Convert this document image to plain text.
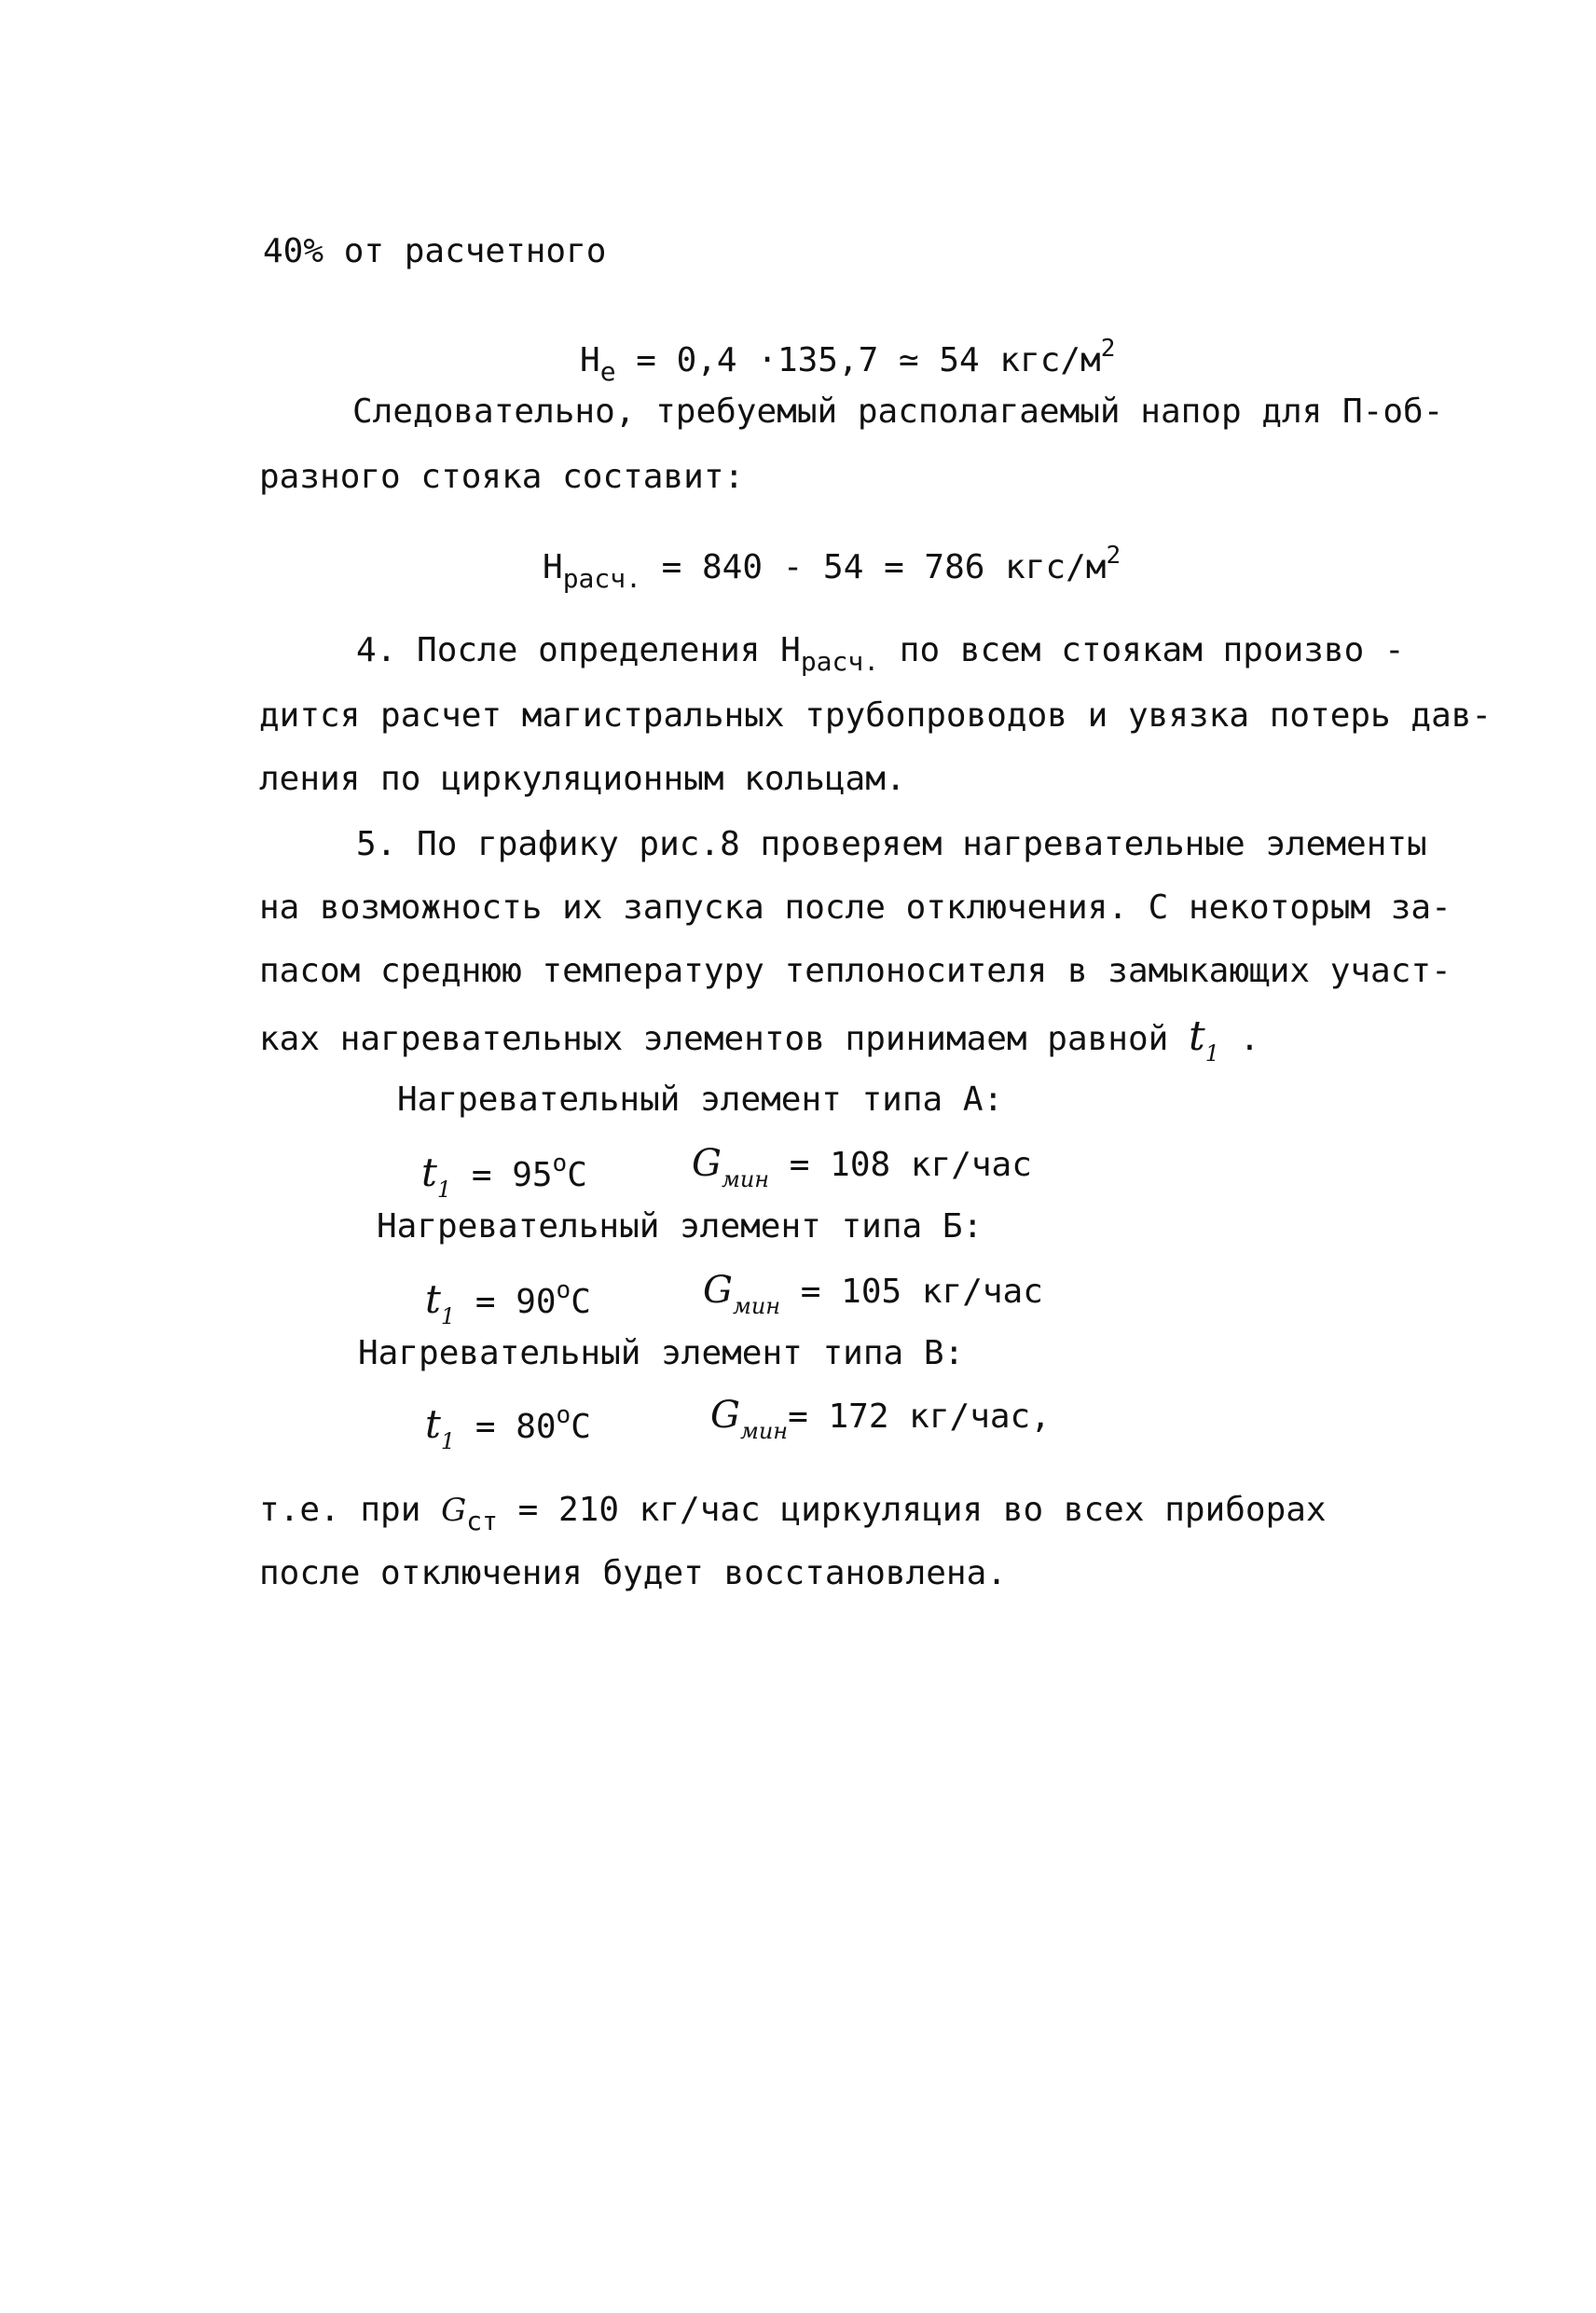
40% от расчетного
$H_e = 0,4 \cdot 135,7$ ≃ 54 кгс/$м^2$
Следовательно, требуемый располагаемый напор для П-об-
разного стояка составит:
$H_{расч.} = 840 - 54 = 786$ кгс/$м^2$
4. После определения $H_{расч.}$ по всем стоякам произво -
дится расчет магистральных трубопроводов и увязка потерь дав-
ления по циркуляционным кольцам.
5. По графику рис.8 проверяем нагревательные элементы
на возможность их запуска после отключения. С некоторым за-
пасом среднюю температуру теплоносителя в замыкающих участ-
ках нагревательных элементов принимаем равной $t_1$ .
Нагревательный элемент типа А:
$t_1 = 95^oC$	$G_{мин} = 108$ кг/час
Нагревательный элемент типа Б:
$t_1 = 90^oC$	$G_{мин} = 105$ кг/час
Нагревательный элемент типа В:
$t_1 = 80^oC$	$G_{мин}= 172$ кг/час,
т.е. при $G_{ст} = 210$ кг/час циркуляция во всех приборах
после отключения будет восстановлена.
